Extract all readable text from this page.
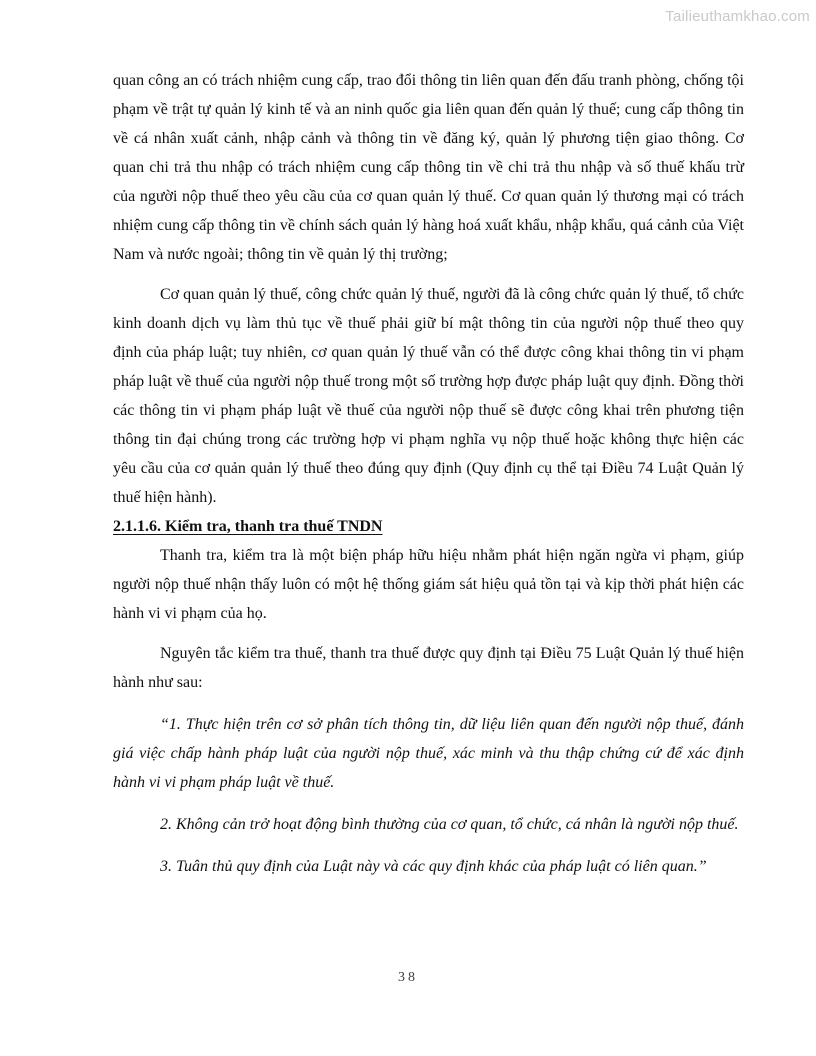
Tailieuthamkhao.com

quan công an có trách nhiệm cung cấp, trao đổi thông tin liên quan đến đấu tranh phòng, chống tội phạm về trật tự quản lý kinh tế và an ninh quốc gia liên quan đến quản lý thuế; cung cấp thông tin về cá nhân xuất cảnh, nhập cảnh và thông tin về đăng ký, quản lý phương tiện giao thông. Cơ quan chi trả thu nhập có trách nhiệm cung cấp thông tin về chi trả thu nhập và số thuế khấu trừ của người nộp thuế theo yêu cầu của cơ quan quản lý thuế. Cơ quan quản lý thương mại có trách nhiệm cung cấp thông tin về chính sách quản lý hàng hoá xuất khẩu, nhập khẩu, quá cảnh của Việt Nam và nước ngoài; thông tin về quản lý thị trường;

Cơ quan quản lý thuế, công chức quản lý thuế, người đã là công chức quản lý thuế, tổ chức kinh doanh dịch vụ làm thủ tục về thuế phải giữ bí mật thông tin của người nộp thuế theo quy định của pháp luật; tuy nhiên, cơ quan quản lý thuế vẫn có thể được công khai thông tin vi phạm pháp luật về thuế của người nộp thuế trong một số trường hợp được pháp luật quy định. Đồng thời các thông tin vi phạm pháp luật về thuế của người nộp thuế sẽ được công khai trên phương tiện thông tin đại chúng trong các trường hợp vi phạm nghĩa vụ nộp thuế hoặc không thực hiện các yêu cầu của cơ quản quản lý thuế theo đúng quy định (Quy định cụ thể tại Điều 74 Luật Quản lý thuế hiện hành).

2.1.1.6. Kiểm tra, thanh tra thuế TNDN

Thanh tra, kiểm tra là một biện pháp hữu hiệu nhằm phát hiện ngăn ngừa vi phạm, giúp người nộp thuế nhận thấy luôn có một hệ thống giám sát hiệu quả tồn tại và kịp thời phát hiện các hành vi vi phạm của họ.

Nguyên tắc kiểm tra thuế, thanh tra thuế được quy định tại Điều 75 Luật Quản lý thuế hiện hành như sau:

“1. Thực hiện trên cơ sở phân tích thông tin, dữ liệu liên quan đến người nộp thuế, đánh giá việc chấp hành pháp luật của người nộp thuế, xác minh và thu thập chứng cứ để xác định hành vi vi phạm pháp luật về thuế.

2. Không cản trở hoạt động bình thường của cơ quan, tổ chức, cá nhân là người nộp thuế.

3. Tuân thủ quy định của Luật này và các quy định khác của pháp luật có liên quan.”

38
